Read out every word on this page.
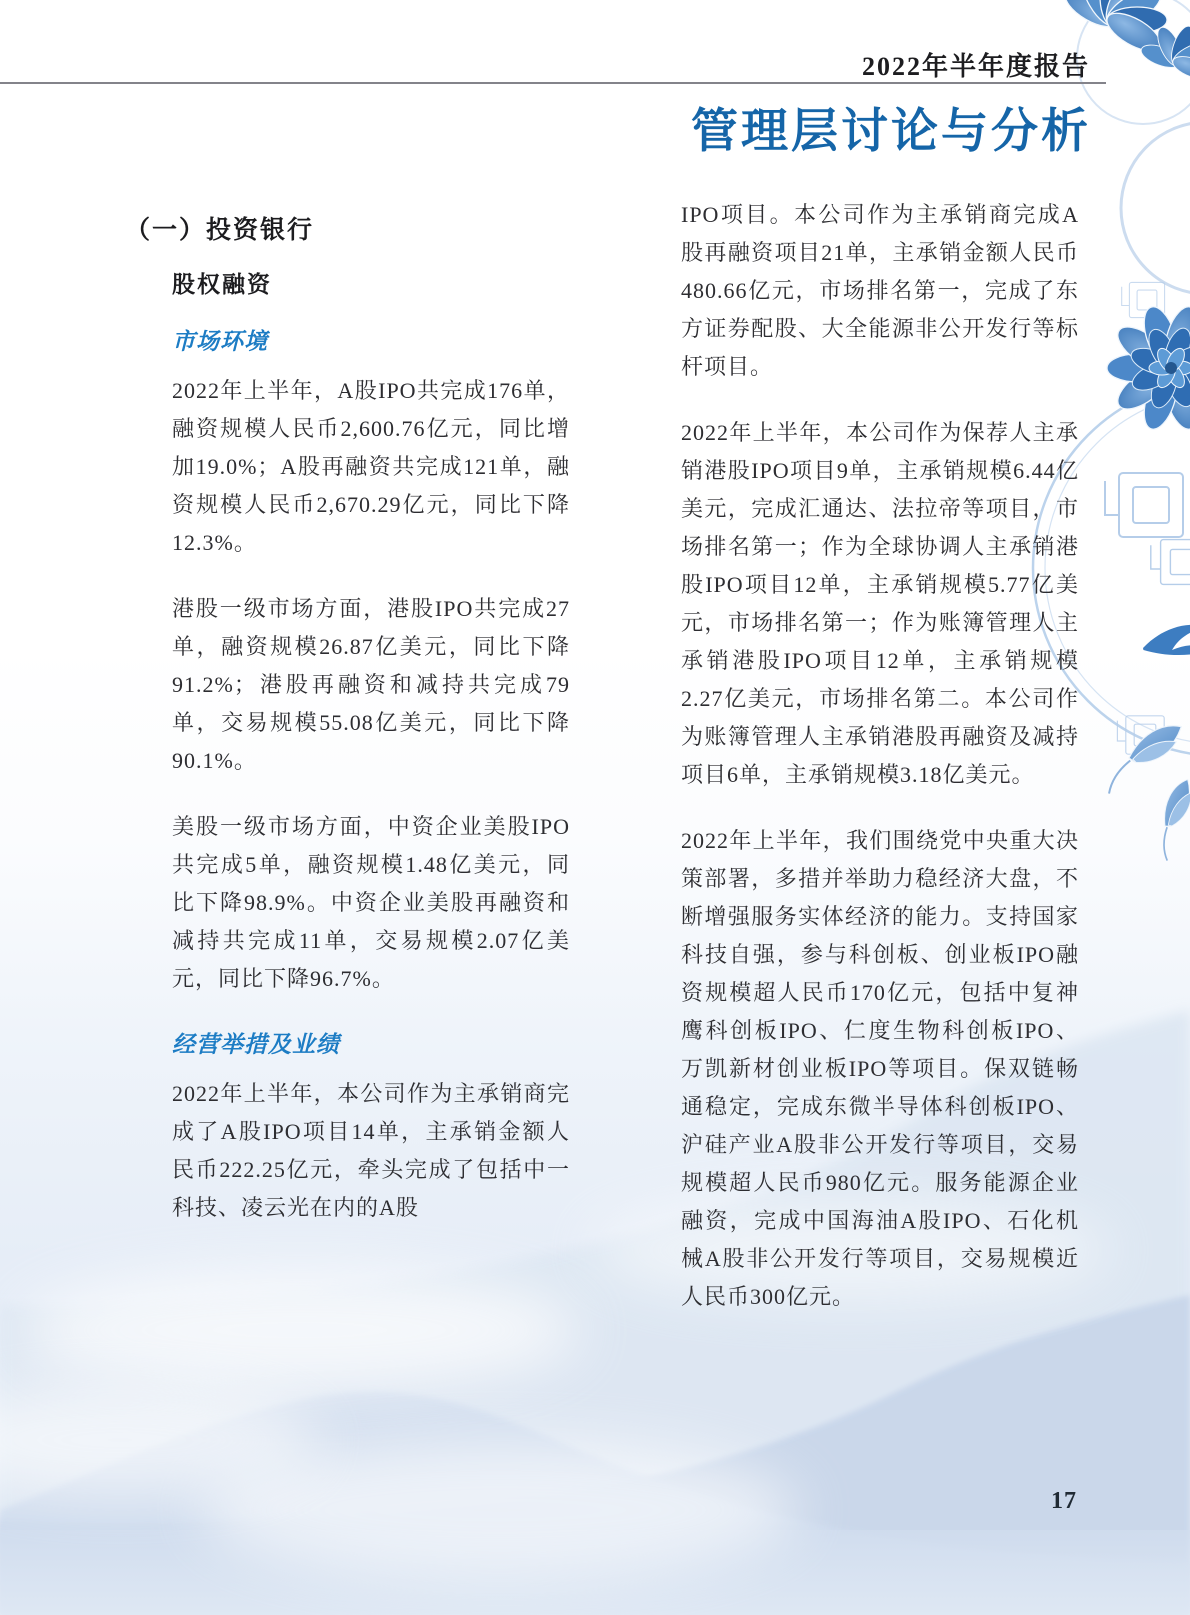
2022年半年度报告
管理层讨论与分析
（一）投资银行
股权融资
市场环境

2022年上半年，A股IPO共完成176单，融资规模人民币2,600.76亿元，同比增加19.0%；A股再融资共完成121单，融资规模人民币2,670.29亿元，同比下降12.3%。

港股一级市场方面，港股IPO共完成27单，融资规模26.87亿美元，同比下降91.2%；港股再融资和减持共完成79单，交易规模55.08亿美元，同比下降90.1%。

美股一级市场方面，中资企业美股IPO共完成5单，融资规模1.48亿美元，同比下降98.9%。中资企业美股再融资和减持共完成11单，交易规模2.07亿美元，同比下降96.7%。

经营举措及业绩

2022年上半年，本公司作为主承销商完成了A股IPO项目14单，主承销金额人民币222.25亿元，牵头完成了包括中一科技、凌云光在内的A股

IPO项目。本公司作为主承销商完成A股再融资项目21单，主承销金额人民币480.66亿元，市场排名第一，完成了东方证券配股、大全能源非公开发行等标杆项目。

2022年上半年，本公司作为保荐人主承销港股IPO项目9单，主承销规模6.44亿美元，完成汇通达、法拉帝等项目，市场排名第一；作为全球协调人主承销港股IPO项目12单，主承销规模5.77亿美元，市场排名第一；作为账簿管理人主承销港股IPO项目12单，主承销规模2.27亿美元，市场排名第二。本公司作为账簿管理人主承销港股再融资及减持项目6单，主承销规模3.18亿美元。

2022年上半年，我们围绕党中央重大决策部署，多措并举助力稳经济大盘，不断增强服务实体经济的能力。支持国家科技自强，参与科创板、创业板IPO融资规模超人民币170亿元，包括中复神鹰科创板IPO、仁度生物科创板IPO、万凯新材创业板IPO等项目。保双链畅通稳定，完成东微半导体科创板IPO、沪硅产业A股非公开发行等项目，交易规模超人民币980亿元。服务能源企业融资，完成中国海油A股IPO、石化机械A股非公开发行等项目，交易规模近人民币300亿元。

17
